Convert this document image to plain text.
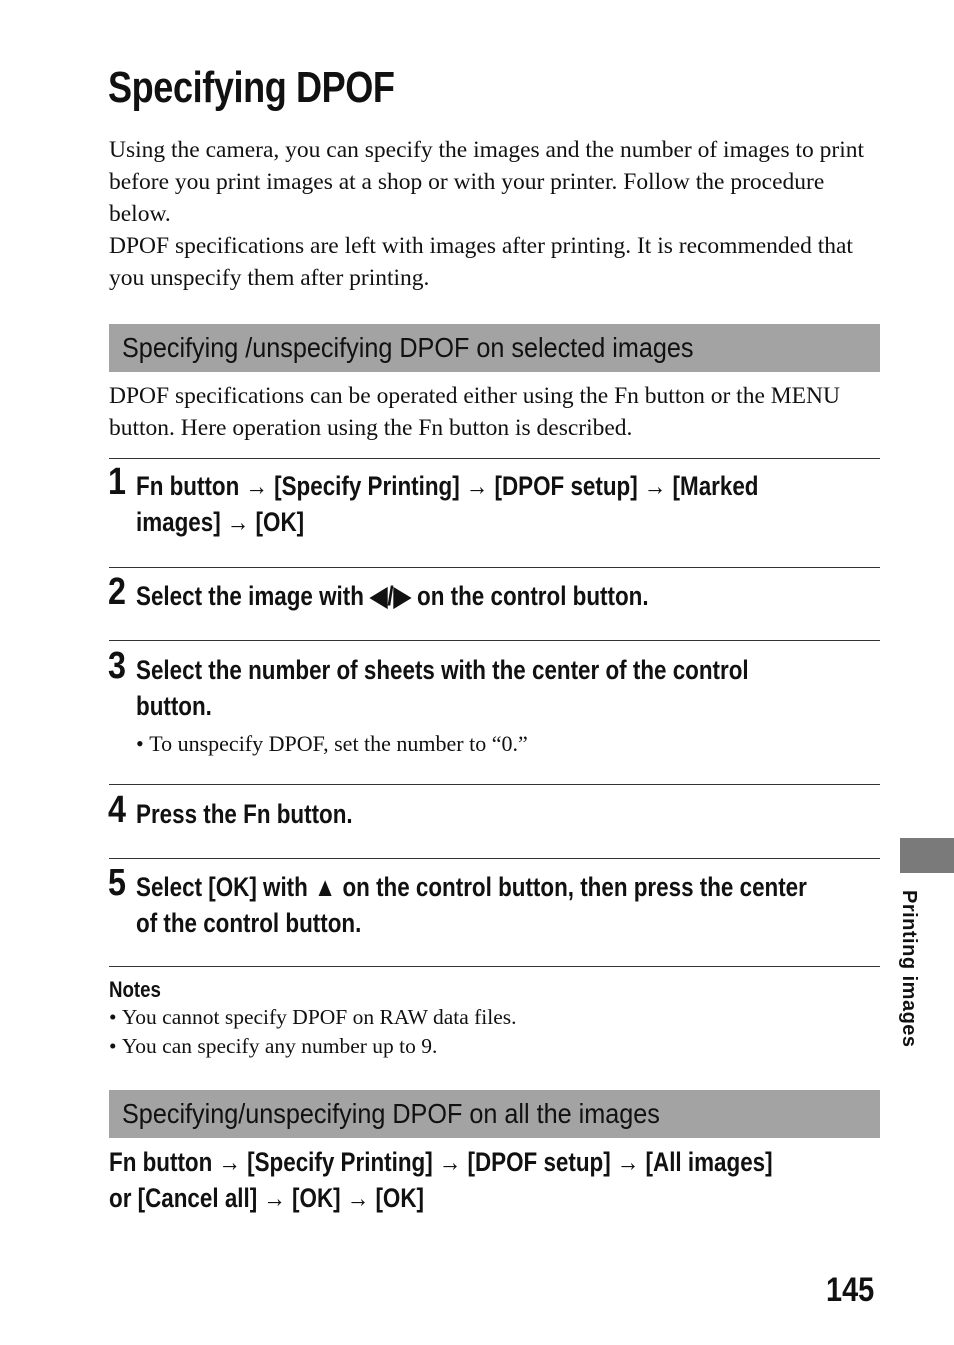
Specifying DPOF

Using the camera, you can specify the images and the number of images to print before you print images at a shop or with your printer. Follow the procedure below.

DPOF specifications are left with images after printing. It is recommended that you unspecify them after printing.

Specifying /unspecifying DPOF on selected images

DPOF specifications can be operated either using the Fn button or the MENU button. Here operation using the Fn button is described.

1 Fn button → [Specify Printing] → [DPOF setup] → [Marked
images] → [OK]
2 Select the image with ◀/▶ on the control button.
3 Select the number of sheets with the center of the control
button.
• To unspecify DPOF, set the number to “0.”
4 Press the Fn button.
5 Select [OK] with ▲ on the control button, then press the center
of the control button.
Notes
• You cannot specify DPOF on RAW data files.
• You can specify any number up to 9.
Specifying/unspecifying DPOF on all the images
Fn button → [Specify Printing] → [DPOF setup] → [All images]
or [Cancel all] → [OK] → [OK]
Printing images
145
